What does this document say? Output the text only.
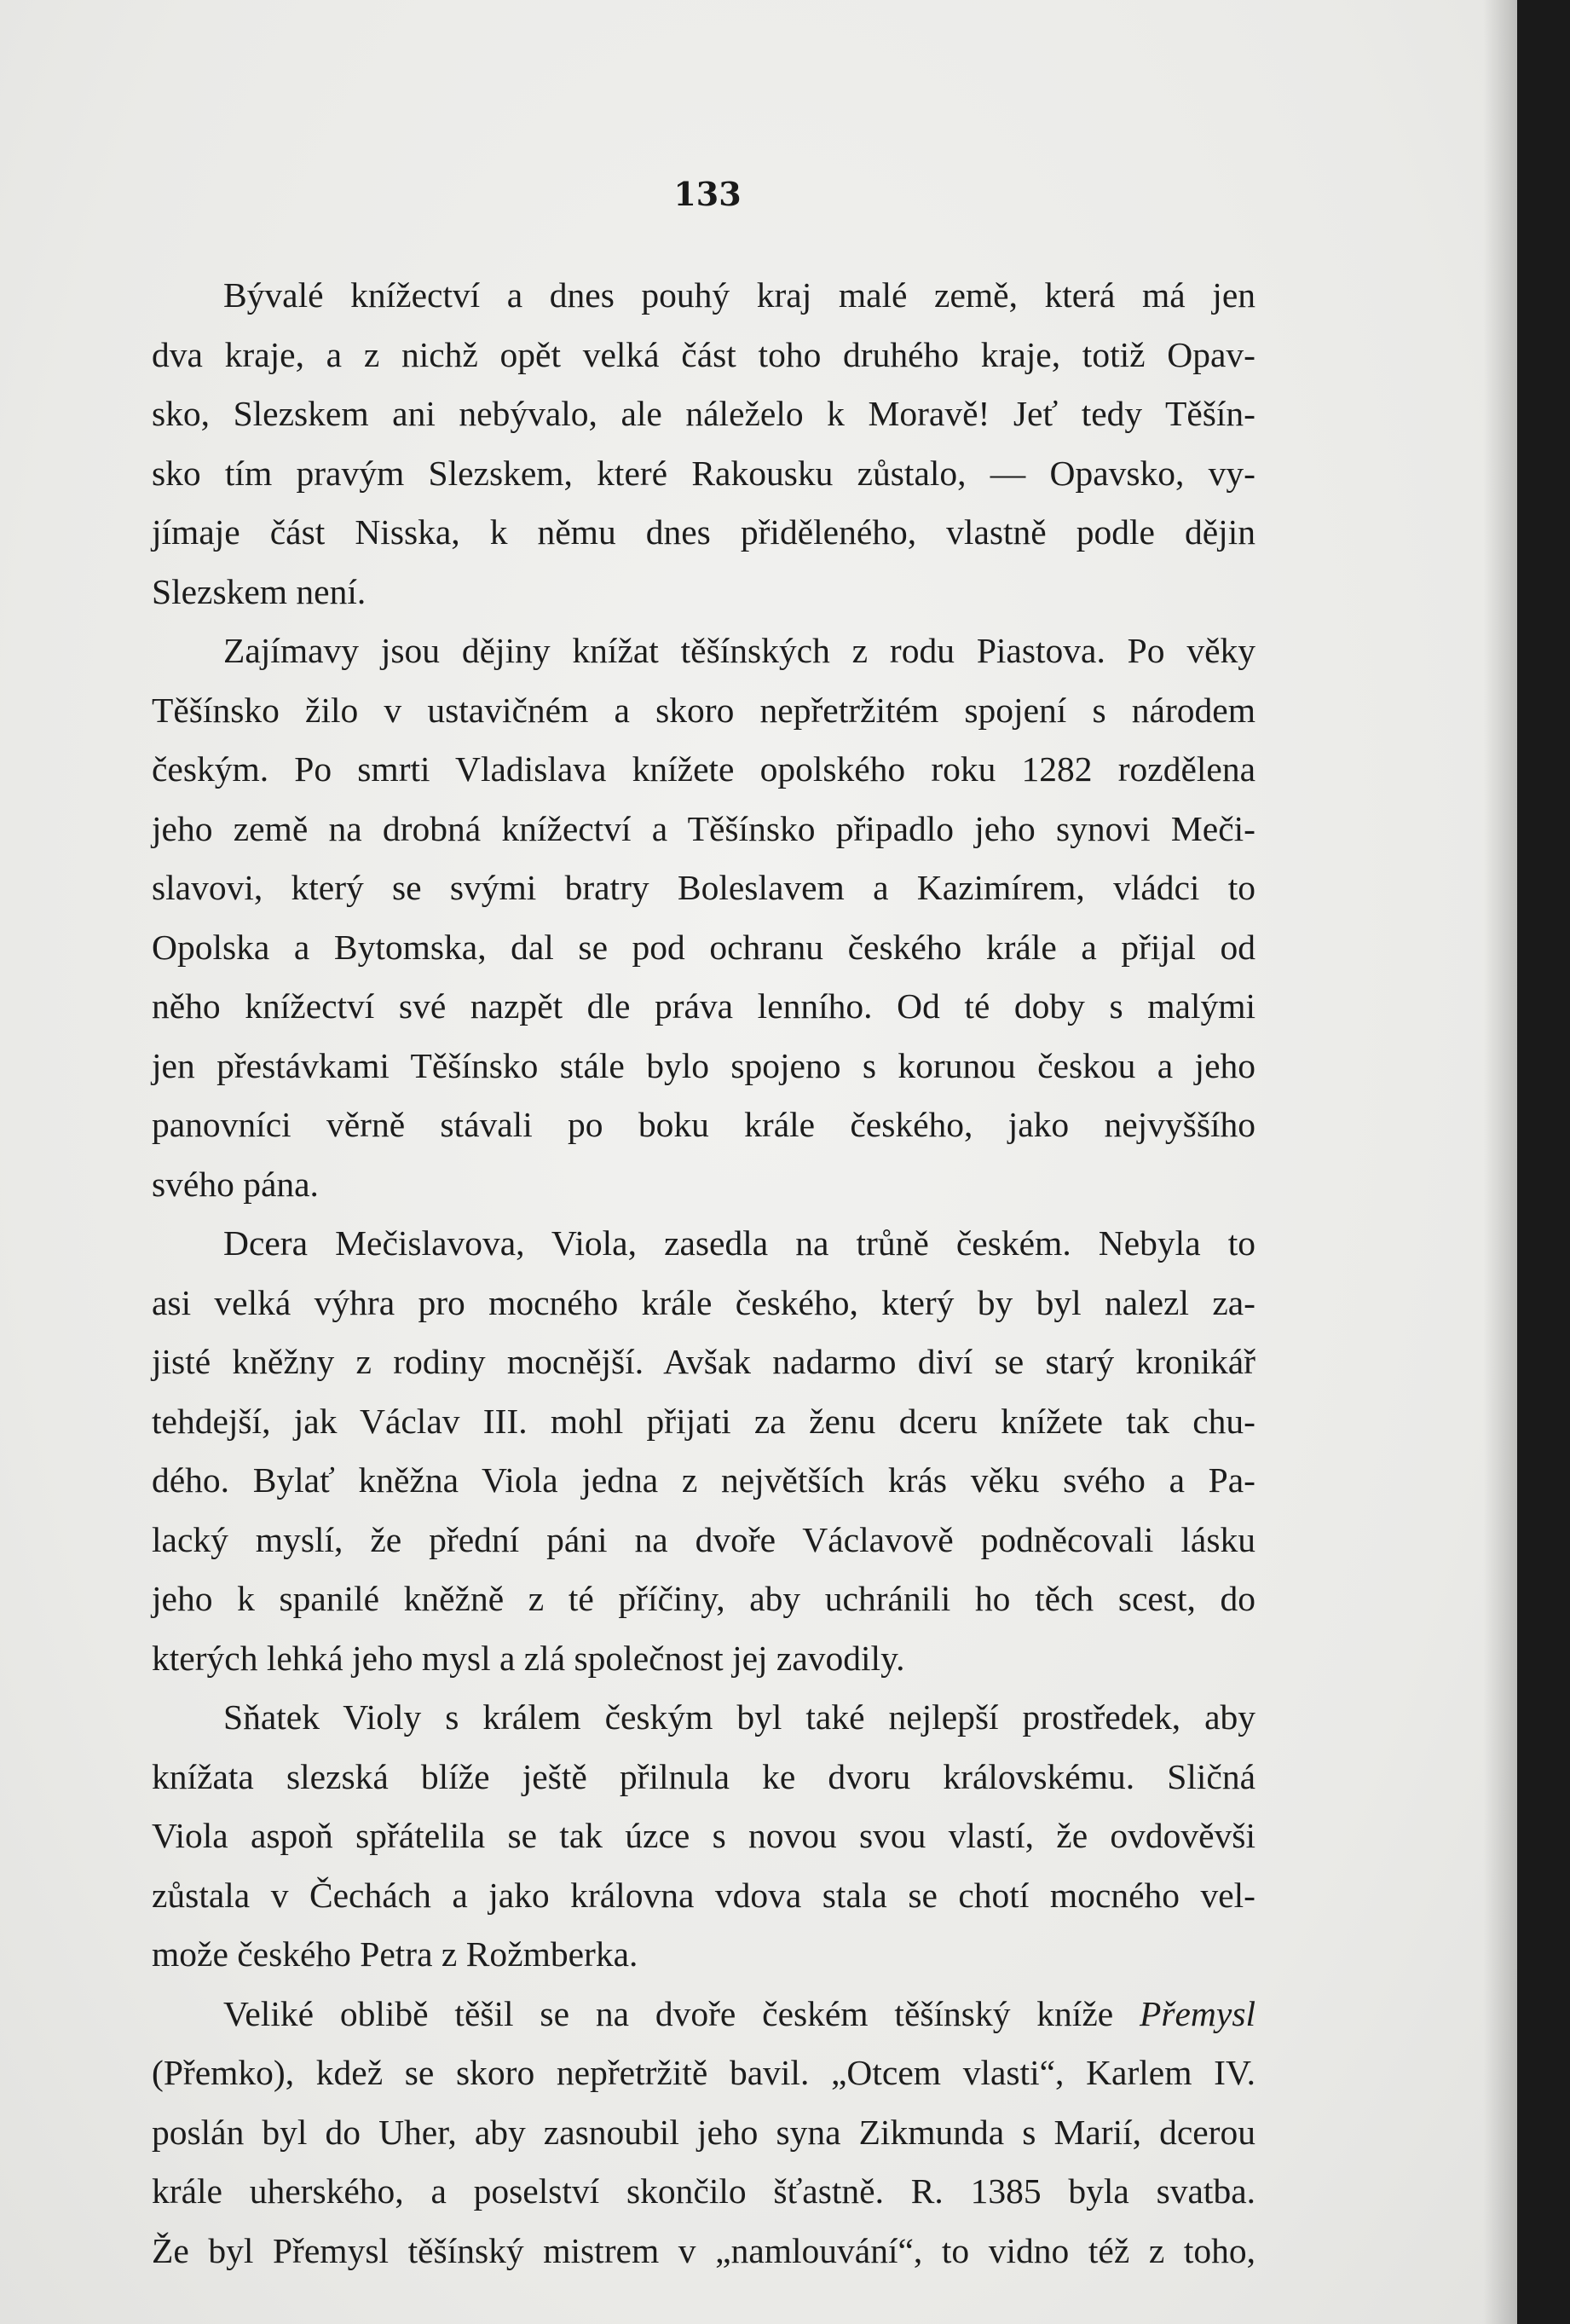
133
Bývalé knížectví a dnes pouhý kraj malé země, která má jen
dva kraje, a z nichž opět velká část toho druhého kraje, totiž Opav-
sko, Slezskem ani nebývalo, ale náleželo k Moravě! Jeť tedy Těšín-
sko tím pravým Slezskem, které Rakousku zůstalo, — Opavsko, vy-
jímaje část Nisska, k němu dnes přiděleného, vlastně podle dějin
Slezskem není.
Zajímavy jsou dějiny knížat těšínských z rodu Piastova. Po věky
Těšínsko žilo v ustavičném a skoro nepřetržitém spojení s národem
českým. Po smrti Vladislava knížete opolského roku 1282 rozdělena
jeho země na drobná knížectví a Těšínsko připadlo jeho synovi Meči-
slavovi, který se svými bratry Boleslavem a Kazimírem, vládci to
Opolska a Bytomska, dal se pod ochranu českého krále a přijal od
něho knížectví své nazpět dle práva lenního. Od té doby s malými
jen přestávkami Těšínsko stále bylo spojeno s korunou českou a jeho
panovníci věrně stávali po boku krále českého, jako nejvyššího
svého pána.
Dcera Mečislavova, Viola, zasedla na trůně českém. Nebyla to
asi velká výhra pro mocného krále českého, který by byl nalezl za-
jisté kněžny z rodiny mocnější. Avšak nadarmo diví se starý kronikář
tehdejší, jak Václav III. mohl přijati za ženu dceru knížete tak chu-
dého. Bylať kněžna Viola jedna z největších krás věku svého a Pa-
lacký myslí, že přední páni na dvoře Václavově podněcovali lásku
jeho k spanilé kněžně z té příčiny, aby uchránili ho těch scest, do
kterých lehká jeho mysl a zlá společnost jej zavodily.
Sňatek Violy s králem českým byl také nejlepší prostředek, aby
knížata slezská blíže ještě přilnula ke dvoru královskému. Sličná
Viola aspoň spřátelila se tak úzce s novou svou vlastí, že ovdověvši
zůstala v Čechách a jako královna vdova stala se chotí mocného vel-
može českého Petra z Rožmberka.
Veliké oblibě těšil se na dvoře českém těšínský kníže Přemysl
(Přemko), kdež se skoro nepřetržitě bavil. „Otcem vlasti“, Karlem IV.
poslán byl do Uher, aby zasnoubil jeho syna Zikmunda s Marií, dcerou
krále uherského, a poselství skončilo šťastně. R. 1385 byla svatba.
Že byl Přemysl těšínský mistrem v „namlouvání“, to vidno též z toho,
